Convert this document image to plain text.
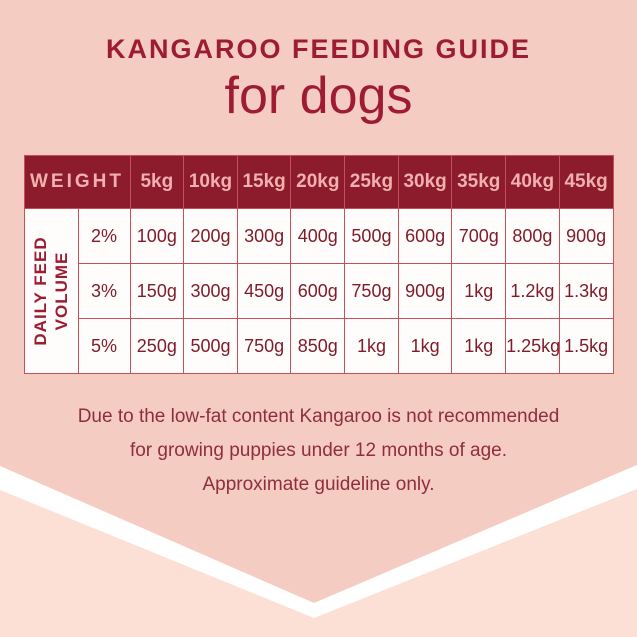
KANGAROO FEEDING GUIDE
for dogs
WEIGHT		5kg	10kg	15kg	20kg	25kg	30kg	35kg	40kg	45kg

DAILY FEED VOLUME	2%	100g	200g	300g	400g	500g	600g	700g	800g	900g
	3%	150g	300g	450g	600g	750g	900g	1kg	1.2kg	1.3kg
	5%	250g	500g	750g	850g	1kg	1kg	1kg	1.25kg	1.5kg

Due to the low-fat content Kangaroo is not recommended

for growing puppies under 12 months of age.

Approximate guideline only.
